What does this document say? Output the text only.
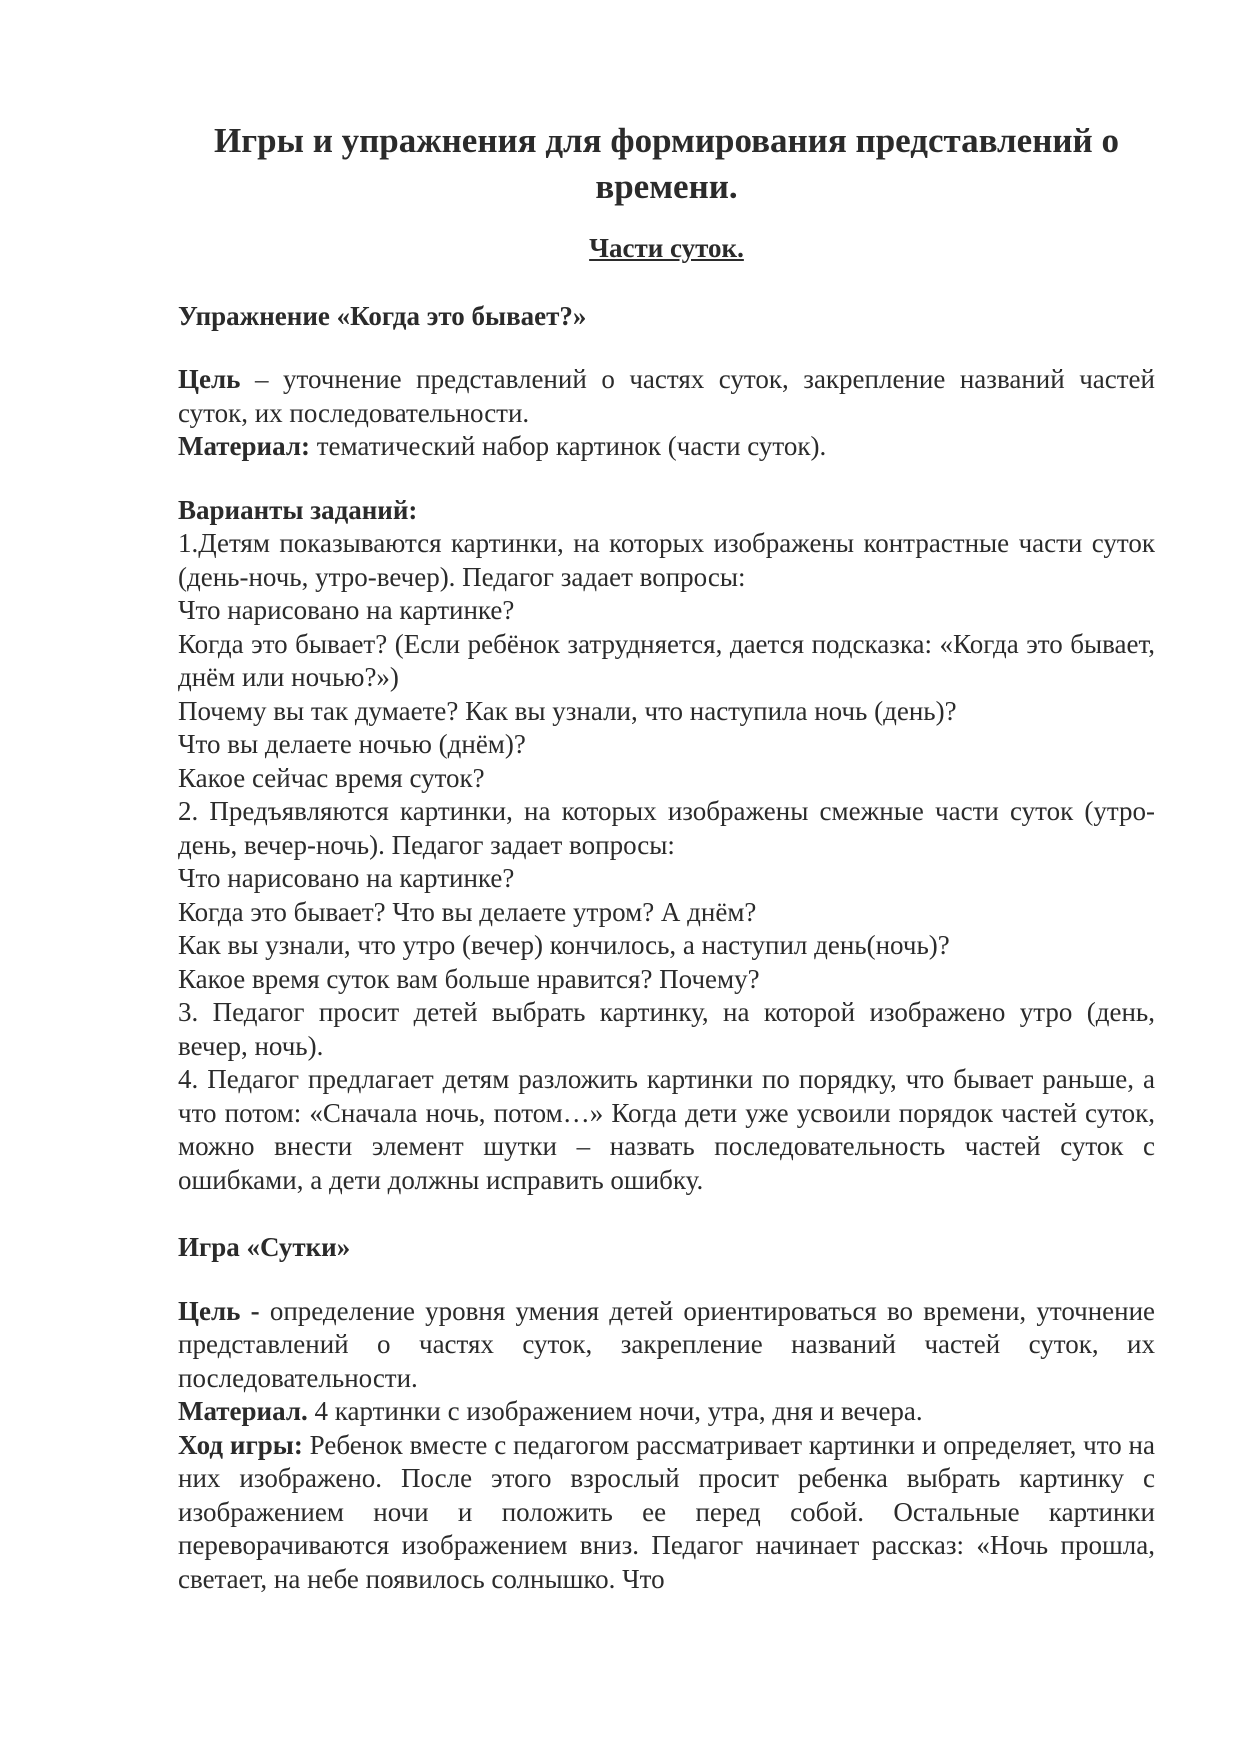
Игры и упражнения для формирования представлений о времени.

Части суток.

Упражнение «Когда это бывает?»

Цель – уточнение представлений о частях суток, закрепление названий частей суток, их последовательности.

Материал: тематический набор картинок (части суток).

Варианты заданий:

1.Детям показываются картинки, на которых изображены контрастные части суток (день-ночь, утро-вечер). Педагог задает вопросы:

Что нарисовано на картинке?

Когда это бывает? (Если ребёнок затрудняется, дается подсказка: «Когда это бывает, днём или ночью?»)

Почему вы так думаете? Как вы узнали, что наступила ночь (день)?

Что вы делаете ночью (днём)?

Какое сейчас время суток?

2. Предъявляются картинки, на которых изображены смежные части суток (утро-день, вечер-ночь). Педагог задает вопросы:

Что нарисовано на картинке?

Когда это бывает? Что вы делаете утром? А днём?

Как вы узнали, что утро (вечер) кончилось, а наступил день(ночь)?

Какое время суток вам больше нравится? Почему?

3. Педагог просит детей выбрать картинку, на которой изображено утро (день, вечер, ночь).

4. Педагог предлагает детям разложить картинки по порядку, что бывает раньше, а что потом: «Сначала ночь, потом…» Когда дети уже усвоили порядок частей суток, можно внести элемент шутки – назвать последовательность частей суток с ошибками, а дети должны исправить ошибку.

Игра «Сутки»

Цель - определение уровня умения детей ориентироваться во времени, уточнение представлений о частях суток, закрепление названий частей суток, их последовательности.

Материал. 4 картинки с изображением ночи, утра, дня и вечера.

Ход игры: Ребенок вместе с педагогом рассматривает картинки и определяет, что на них изображено. После этого взрослый просит ребенка выбрать картинку с изображением ночи и положить ее перед собой. Остальные картинки переворачиваются изображением вниз. Педагог начинает рассказ: «Ночь прошла, светает, на небе появилось солнышко. Что
